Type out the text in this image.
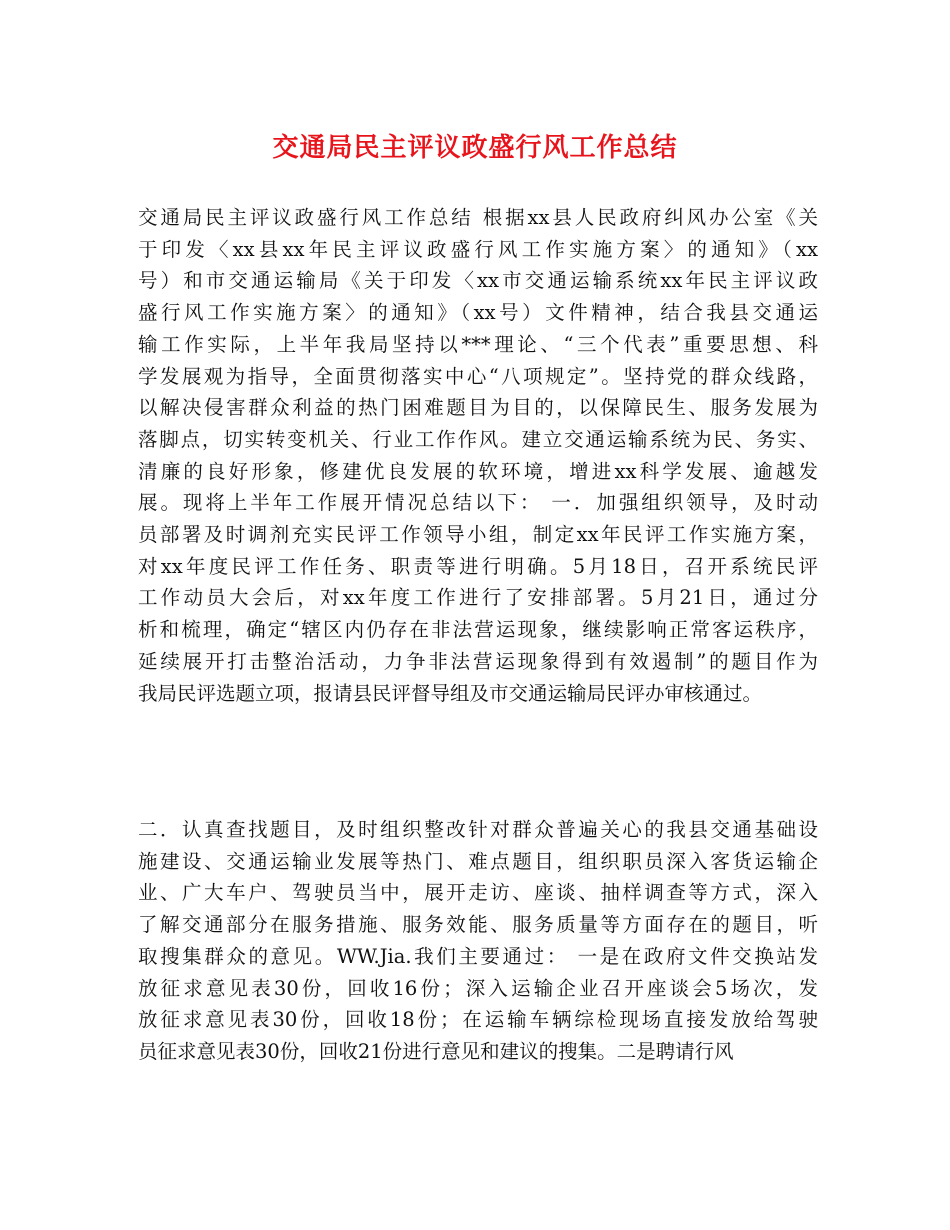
交通局民主评议政盛行风工作总结
交通局民主评议政盛行风工作总结 根据xx县人民政府纠风办公室《关
于印发〈xx县xx年民主评议政盛行风工作实施方案〉的通知》（xx
号）和市交通运输局《关于印发〈xx市交通运输系统xx年民主评议政
盛行风工作实施方案〉的通知》（xx号）文件精神，结合我县交通运
输工作实际，上半年我局坚持以***理论、“三个代表”重要思想、科
学发展观为指导，全面贯彻落实中心“八项规定”。坚持党的群众线路，
以解决侵害群众利益的热门困难题目为目的，以保障民生、服务发展为
落脚点，切实转变机关、行业工作作风。建立交通运输系统为民、务实、
清廉的良好形象，修建优良发展的软环境，增进xx科学发展、逾越发
展。现将上半年工作展开情况总结以下： 一．加强组织领导，及时动
员部署及时调剂充实民评工作领导小组，制定xx年民评工作实施方案，
对xx年度民评工作任务、职责等进行明确。5月18日，召开系统民评
工作动员大会后，对xx年度工作进行了安排部署。5月21日，通过分
析和梳理，确定“辖区内仍存在非法营运现象，继续影响正常客运秩序，
延续展开打击整治活动，力争非法营运现象得到有效遏制”的题目作为
我局民评选题立项，报请县民评督导组及市交通运输局民评办审核通过。
二．认真查找题目，及时组织整改针对群众普遍关心的我县交通基础设
施建设、交通运输业发展等热门、难点题目，组织职员深入客货运输企
业、广大车户、驾驶员当中，展开走访、座谈、抽样调查等方式，深入
了解交通部分在服务措施、服务效能、服务质量等方面存在的题目，听
取搜集群众的意见。WW.Jia.我们主要通过： 一是在政府文件交换站发
放征求意见表30份，回收16份；深入运输企业召开座谈会5场次，发
放征求意见表30份，回收18份；在运输车辆综检现场直接发放给驾驶
员征求意见表30份，回收21份进行意见和建议的搜集。二是聘请行风
